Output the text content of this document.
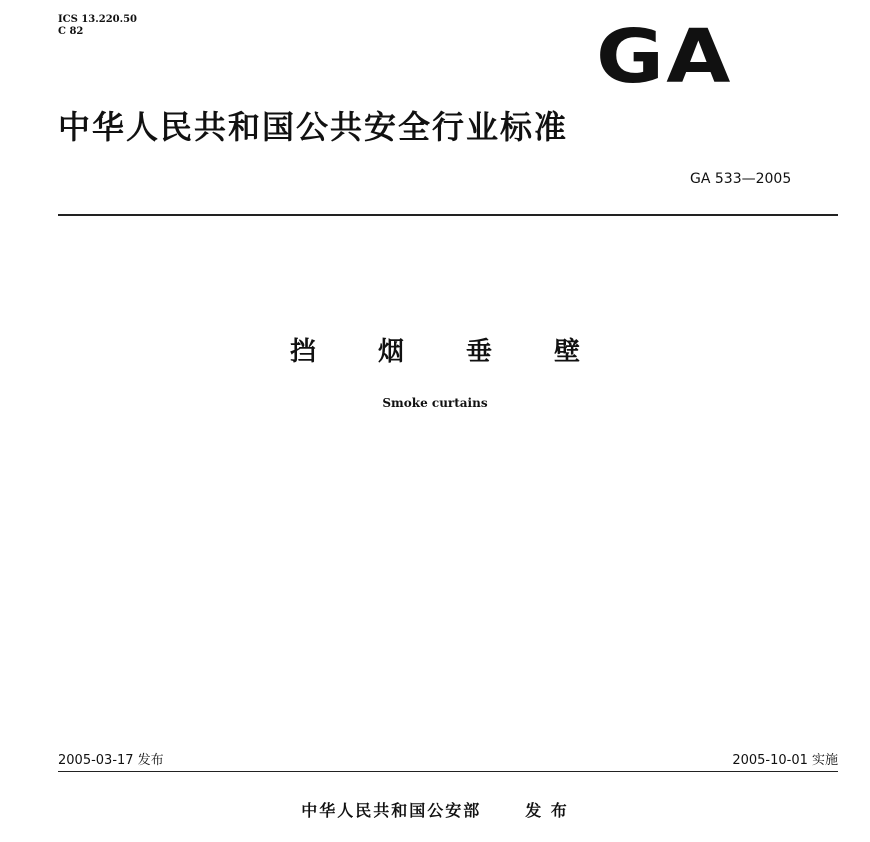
ICS 13.220.50
C 82	GA
中华人民共和国公共安全行业标准
GA 533—2005
挡烟垂壁
Smoke curtains
2005-03-17 发布	2005-10-01 实施
中华人民共和国公安部	发 布
